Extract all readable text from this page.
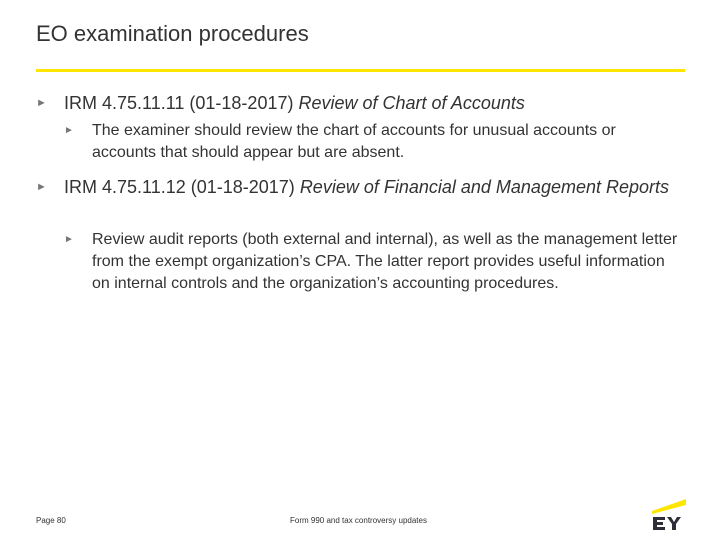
EO examination procedures
► IRM 4.75.11.11 (01-18-2017) Review of Chart of Accounts
► The examiner should review the chart of accounts for unusual accounts or accounts that should appear but are absent.
► IRM 4.75.11.12 (01-18-2017) Review of Financial and Management Reports
► Review audit reports (both external and internal), as well as the management letter from the exempt organization’s CPA. The latter report provides useful information on internal controls and the organization’s accounting procedures.
Page 80	Form 990 and tax controversy updates
